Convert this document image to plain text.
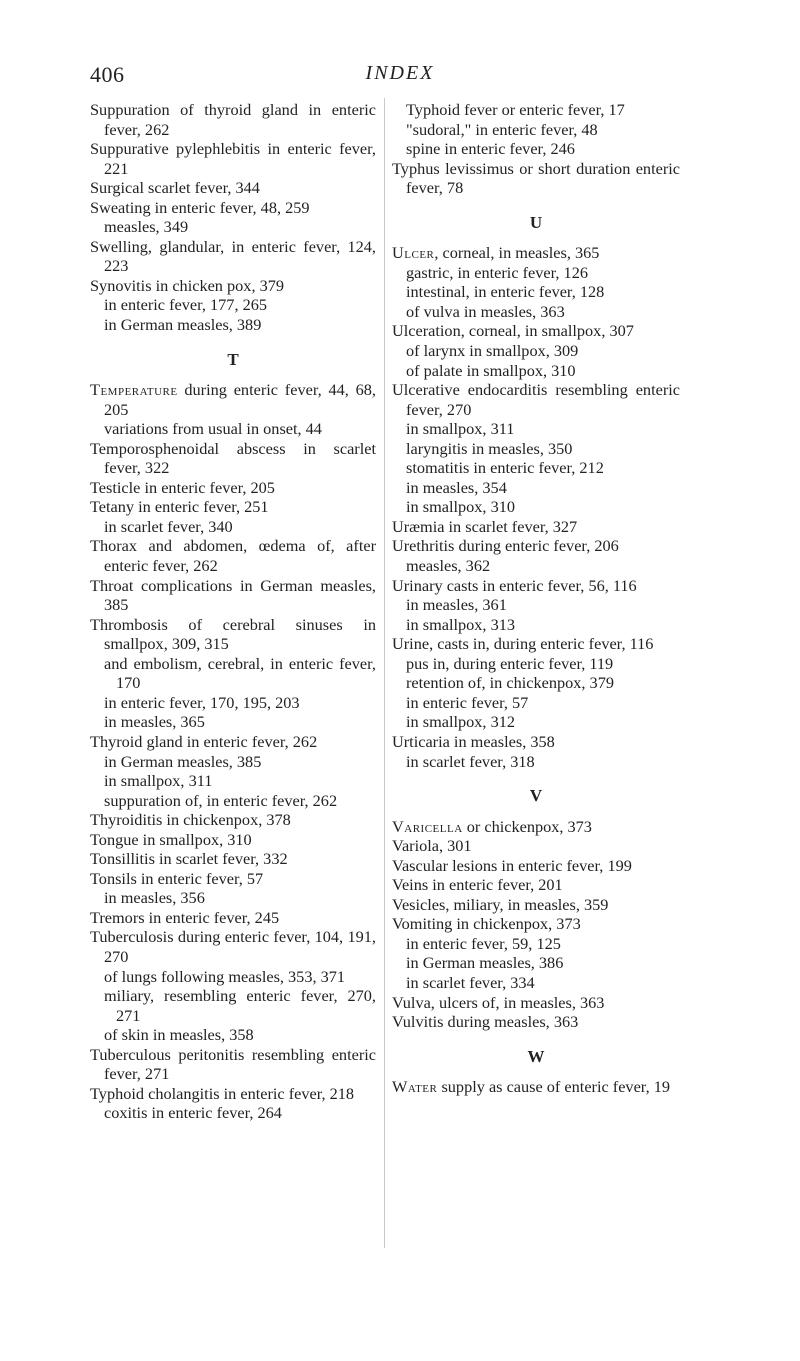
406	INDEX

Suppuration of thyroid gland in enteric fever, 262

Suppurative pylephlebitis in enteric fever, 221

Surgical scarlet fever, 344

Sweating in enteric fever, 48, 259

measles, 349

Swelling, glandular, in enteric fever, 124, 223

Synovitis in chicken pox, 379

in enteric fever, 177, 265

in German measles, 389

T

Temperature during enteric fever, 44, 68, 205

variations from usual in onset, 44

Temporosphenoidal abscess in scarlet fever, 322

Testicle in enteric fever, 205

Tetany in enteric fever, 251

in scarlet fever, 340

Thorax and abdomen, œdema of, after enteric fever, 262

Throat complications in German measles, 385

Thrombosis of cerebral sinuses in smallpox, 309, 315

and embolism, cerebral, in enteric fever, 170

in enteric fever, 170, 195, 203

in measles, 365

Thyroid gland in enteric fever, 262

in German measles, 385

in smallpox, 311

suppuration of, in enteric fever, 262

Thyroiditis in chickenpox, 378

Tongue in smallpox, 310

Tonsillitis in scarlet fever, 332

Tonsils in enteric fever, 57

in measles, 356

Tremors in enteric fever, 245

Tuberculosis during enteric fever, 104, 191, 270

of lungs following measles, 353, 371

miliary, resembling enteric fever, 270, 271

of skin in measles, 358

Tuberculous peritonitis resembling enteric fever, 271

Typhoid cholangitis in enteric fever, 218

coxitis in enteric fever, 264

Typhoid fever or enteric fever, 17

"sudoral," in enteric fever, 48

spine in enteric fever, 246

Typhus levissimus or short duration enteric fever, 78

U

Ulcer, corneal, in measles, 365

gastric, in enteric fever, 126

intestinal, in enteric fever, 128

of vulva in measles, 363

Ulceration, corneal, in smallpox, 307

of larynx in smallpox, 309

of palate in smallpox, 310

Ulcerative endocarditis resembling enteric fever, 270

in smallpox, 311

laryngitis in measles, 350

stomatitis in enteric fever, 212

in measles, 354

in smallpox, 310

Uræmia in scarlet fever, 327

Urethritis during enteric fever, 206

measles, 362

Urinary casts in enteric fever, 56, 116

in measles, 361

in smallpox, 313

Urine, casts in, during enteric fever, 116

pus in, during enteric fever, 119

retention of, in chickenpox, 379

in enteric fever, 57

in smallpox, 312

Urticaria in measles, 358

in scarlet fever, 318

V

Varicella or chickenpox, 373

Variola, 301

Vascular lesions in enteric fever, 199

Veins in enteric fever, 201

Vesicles, miliary, in measles, 359

Vomiting in chickenpox, 373

in enteric fever, 59, 125

in German measles, 386

in scarlet fever, 334

Vulva, ulcers of, in measles, 363

Vulvitis during measles, 363

W

Water supply as cause of enteric fever, 19
